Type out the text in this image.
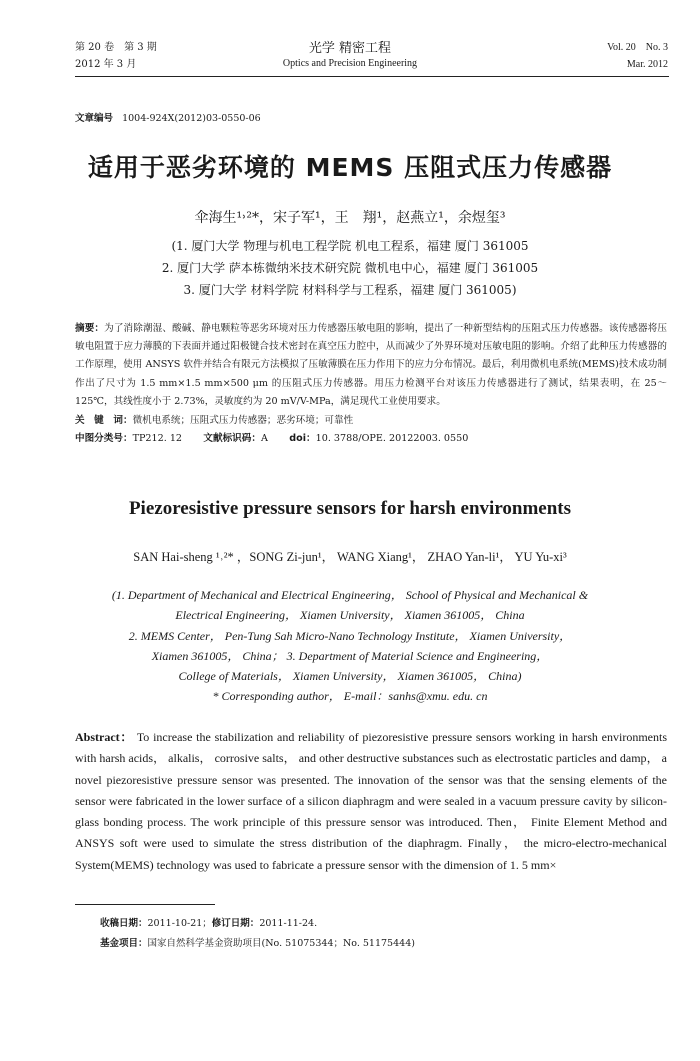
第 20 卷　第 3 期
2012 年 3 月
光学 精密工程
Optics and Precision Engineering
Vol. 20　No. 3
Mar. 2012
文章编号 1004-924X(2012)03-0550-06
适用于恶劣环境的 MEMS 压阻式压力传感器
伞海生¹˒²*，宋子军¹，王　翔¹，赵燕立¹，余煜玺³
(1. 厦门大学 物理与机电工程学院 机电工程系，福建 厦门 361005
2. 厦门大学 萨本栋微纳米技术研究院 微机电中心，福建 厦门 361005
3. 厦门大学 材料学院 材料科学与工程系，福建 厦门 361005)
摘要：为了消除潮湿、酸碱、静电颗粒等恶劣环境对压力传感器压敏电阻的影响，提出了一种新型结构的压阻式压力传感器。该传感器将压敏电阻置于应力薄膜的下表面并通过阳极键合技术密封在真空压力腔中，从而减少了外界环境对压敏电阻的影响。介绍了此种压力传感器的工作原理，使用 ANSYS 软件并结合有限元方法模拟了压敏薄膜在压力作用下的应力分布情况。最后，利用微机电系统(MEMS)技术成功制作出了尺寸为 1.5 mm×1.5 mm×500 μm 的压阻式压力传感器。用压力检测平台对该压力传感器进行了测试，结果表明，在 25～125℃，其线性度小于 2.73%，灵敏度约为 20 mV/V-MPa，满足现代工业使用要求。
关　键　词：微机电系统；压阻式压力传感器；恶劣环境；可靠性
中图分类号：TP212. 12 文献标识码：A doi：10. 3788/OPE. 20122003. 0550
Piezoresistive pressure sensors for harsh environments
SAN Hai-sheng ¹˒²* ，SONG Zi-jun¹， WANG Xiang¹， ZHAO Yan-li¹， YU Yu-xi³
(1. Department of Mechanical and Electrical Engineering， School of Physical and Mechanical &
Electrical Engineering， Xiamen University， Xiamen 361005， China
2. MEMS Center， Pen-Tung Sah Micro-Nano Technology Institute， Xiamen University，
Xiamen 361005， China； 3. Department of Material Science and Engineering，
College of Materials， Xiamen University， Xiamen 361005， China)
* Corresponding author， E-mail：sanhs@xmu. edu. cn
Abstract： To increase the stabilization and reliability of piezoresistive pressure sensors working in harsh environments with harsh acids， alkalis， corrosive salts， and other destructive substances such as electrostatic particles and damp， a novel piezoresistive pressure sensor was presented. The innovation of the sensor was that the sensing elements of the sensor were fabricated in the lower surface of a silicon diaphragm and were sealed in a vacuum pressure cavity by silicon-glass bonding process. The work principle of this pressure sensor was introduced. Then， Finite Element Method and ANSYS soft were used to simulate the stress distribution of the diaphragm. Finally， the micro-electro-mechanical System(MEMS) technology was used to fabricate a pressure sensor with the dimension of 1. 5 mm×
收稿日期：2011-10-21；修订日期：2011-11-24.
基金项目：国家自然科学基金资助项目(No. 51075344；No. 51175444)
